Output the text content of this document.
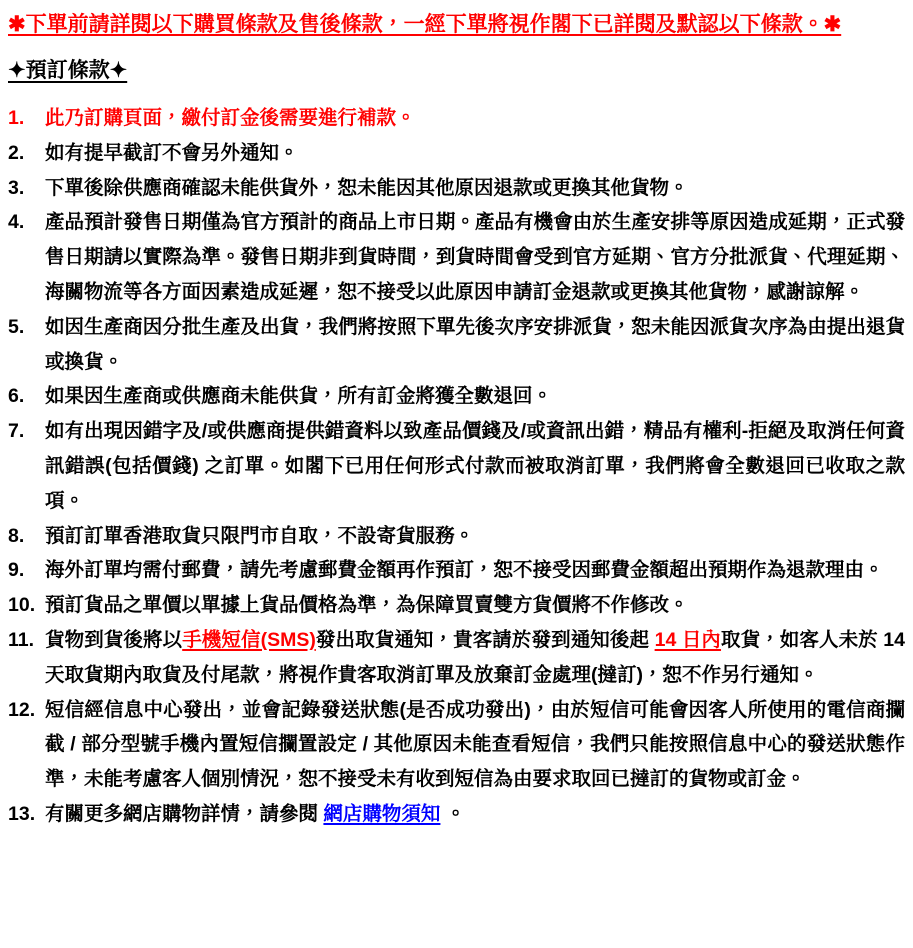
✱下單前請詳閱以下購買條款及售後條款，一經下單將視作閣下已詳閱及默認以下條款。✱
✦預訂條款✦
1.	此乃訂購頁面，繳付訂金後需要進行補款。

2.	如有提早截訂不會另外通知。

3.	下單後除供應商確認未能供貨外，恕未能因其他原因退款或更換其他貨物。

4.	產品預計發售日期僅為官方預計的商品上市日期。產品有機會由於生產安排等原因造成延期，正式發售日期請以實際為準。發售日期非到貨時間，到貨時間會受到官方延期、官方分批派貨、代理延期、海關物流等各方面因素造成延遲，恕不接受以此原因申請訂金退款或更換其他貨物，感謝諒解。

5.	如因生產商因分批生產及出貨，我們將按照下單先後次序安排派貨，恕未能因派貨次序為由提出退貨或換貨。

6.	如果因生產商或供應商未能供貨，所有訂金將獲全數退回。

7.	如有出現因錯字及/或供應商提供錯資料以致產品價錢及/或資訊出錯，精品有權利-拒絕及取消任何資訊錯誤(包括價錢) 之訂單。如閣下已用任何形式付款而被取消訂單，我們將會全數退回已收取之款項。

8.	預訂訂單香港取貨只限門市自取，不設寄貨服務。

9.	海外訂單均需付郵費，請先考慮郵費金額再作預訂，恕不接受因郵費金額超出預期作為退款理由。

10. 預訂貨品之單價以單據上貨品價格為準，為保障買賣雙方貨價將不作修改。

11. 貨物到貨後將以手機短信(SMS)發出取貨通知，貴客請於發到通知後起 14 日內取貨，如客人未於 14 天取貨期內取貨及付尾款，將視作貴客取消訂單及放棄訂金處理(撻訂)，恕不作另行通知。

12. 短信經信息中心發出，並會記錄發送狀態(是否成功發出)，由於短信可能會因客人所使用的電信商攔截 / 部分型號手機內置短信攔置設定 / 其他原因未能查看短信，我們只能按照信息中心的發送狀態作準，未能考慮客人個別情況，恕不接受未有收到短信為由要求取回已撻訂的貨物或訂金。

13. 有關更多網店購物詳情，請參閱 網店購物須知 。
